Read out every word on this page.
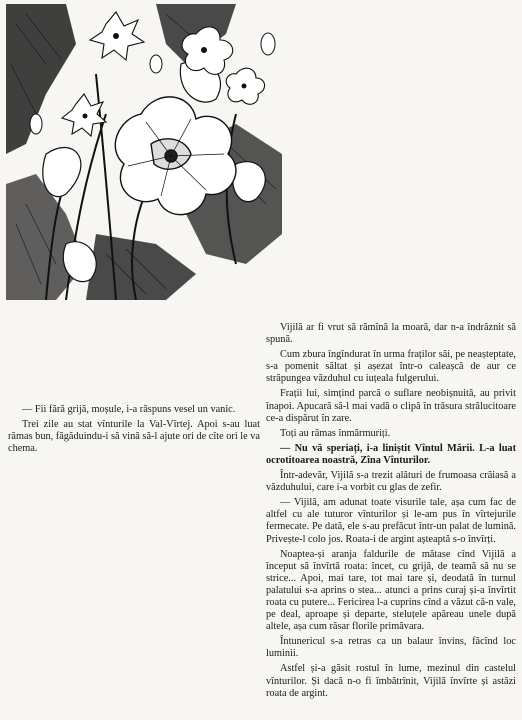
— Fii fără grijă, moșule, i-a răspuns vesel un vanic.

Trei zile au stat vînturile la Val-Vîrtej. Apoi s-au luat rămas bun, făgăduindu-i să vină să-l ajute ori de cîte ori le va chema.

Vijilă ar fi vrut să rămînă la moară, dar n-a îndrăznit să spună.

Cum zbura îngîndurat în urma fraților săi, pe neașteptate, s-a pomenit săltat și așezat într-o caleașcă de aur ce străpungea văzduhul cu iuțeala fulgerului.

Frații lui, simțind parcă o suflare neobișnuită, au privit înapoi. Apucară să-l mai vadă o clipă în trăsura strălucitoare ce-a dispărut în zare.

Toți au rămas înmărmuriți.

— Nu vă speriați, i-a liniștit Vîntul Mării. L-a luat ocrotitoarea noastră, Zîna Vînturilor.

Într-adevăr, Vijilă s-a trezit alături de frumoasa crăiasă a văzduhului, care i-a vorbit cu glas de zefir.

— Vijilă, am adunat toate visurile tale, așa cum fac de altfel cu ale tuturor vînturilor și le-am pus în vîrtejurile fermecate. Pe dată, ele s-au prefăcut într-un palat de lumină. Privește-l colo jos. Roata-i de argint așteaptă s-o învîrți.

Noaptea-și aranja faldurile de mătase cînd Vijilă a început să învîrtă roata: încet, cu grijă, de teamă să nu se strice... Apoi, mai tare, tot mai tare și, deodată în turnul palatului s-a aprins o stea... atunci a prins curaj și-a învîrtit roata cu putere... Fericirea l-a cuprins cînd a văzut că-n vale, pe deal, aproape și departe, steluțele apăreau unele după altele, așa cum răsar florile primăvara.

Întunericul s-a retras ca un balaur învins, făcînd loc luminii.

Astfel și-a găsit rostul în lume, mezinul din castelul vînturilor. Și dacă n-o fi îmbătrînit, Vijilă învîrte și astăzi roata de argint.
